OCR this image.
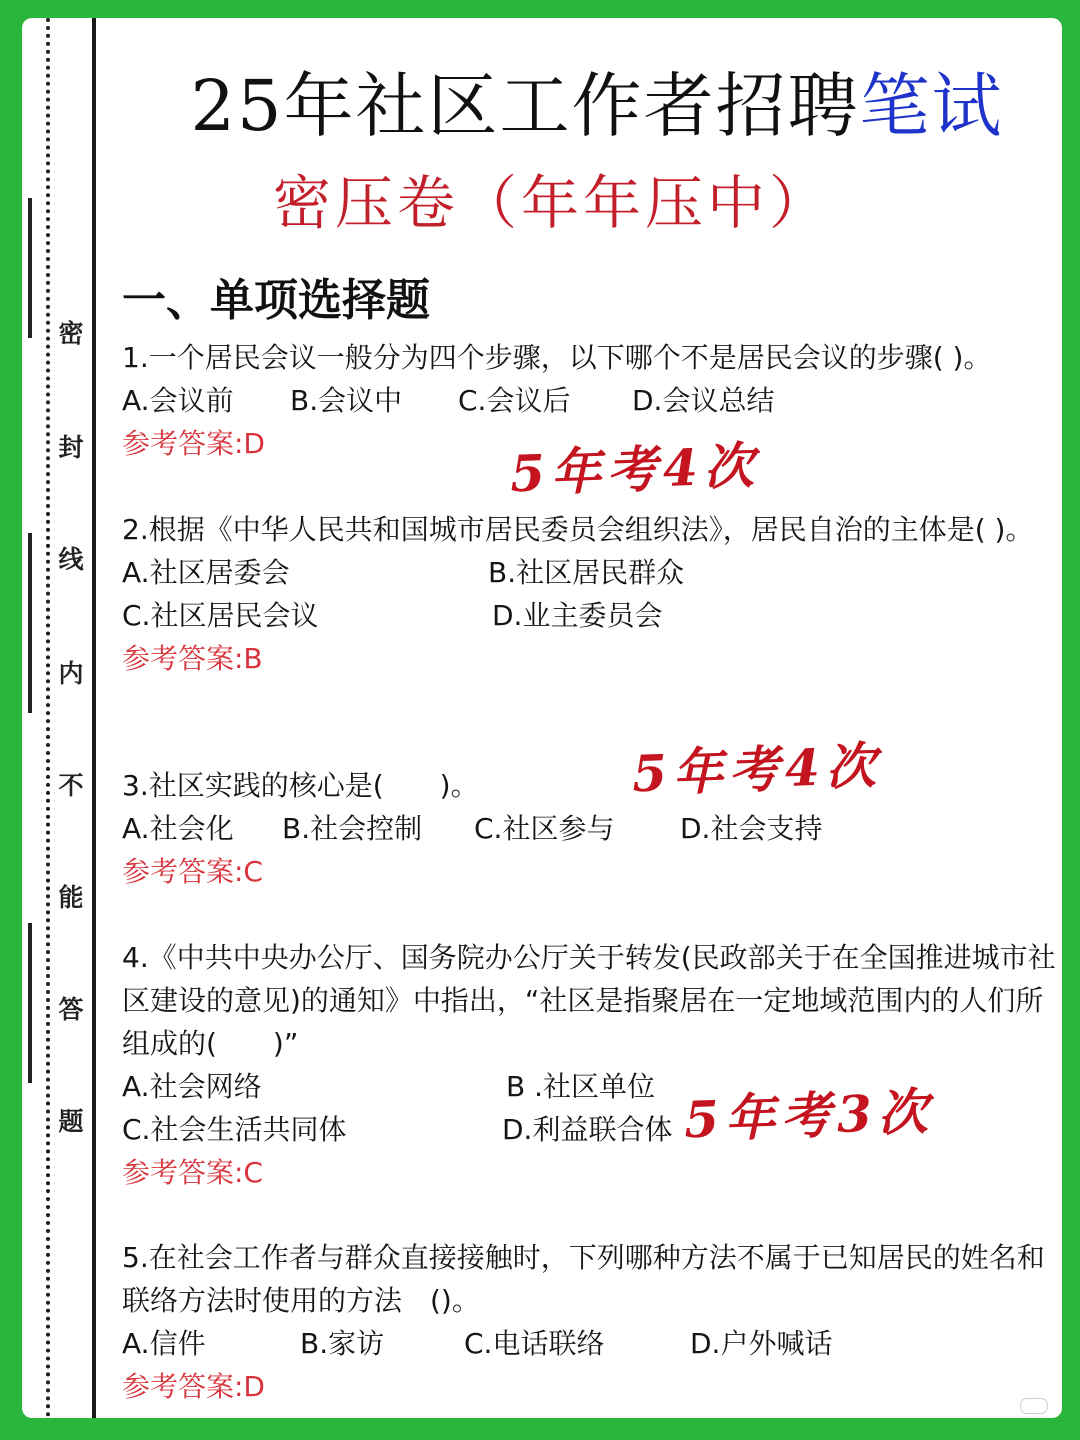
密
封
线
内
不
能
答
题
25年社区工作者招聘笔试
密压卷（年年压中）
一、单项选择题
1.一个居民会议一般分为四个步骤，以下哪个不是居民会议的步骤( )。
A.会议前 B.会议中 C.会议后 D.会议总结
参考答案:D	5年考4次
2.根据《中华人民共和国城市居民委员会组织法》，居民自治的主体是( )。
A.社区居委会	B.社区居民群众
C.社区居民会议	D.业主委员会
参考答案:B
5年考4次
3.社区实践的核心是(　　)。
A.社会化 B.社会控制 C.社区参与 D.社会支持
参考答案:C
4.《中共中央办公厅、国务院办公厅关于转发(民政部关于在全国推进城市社区建设的意见)的通知》中指出，“社区是指聚居在一定地域范围内的人们所组成的(　　)”
A.社会网络	B .社区单位
C.社会生活共同体	D.利益联合体
参考答案:C
5年考3次
5.在社会工作者与群众直接接触时，下列哪种方法不属于已知居民的姓名和联络方法时使用的方法　()。
A.信件	B.家访	C.电话联络	D.户外喊话
参考答案:D
